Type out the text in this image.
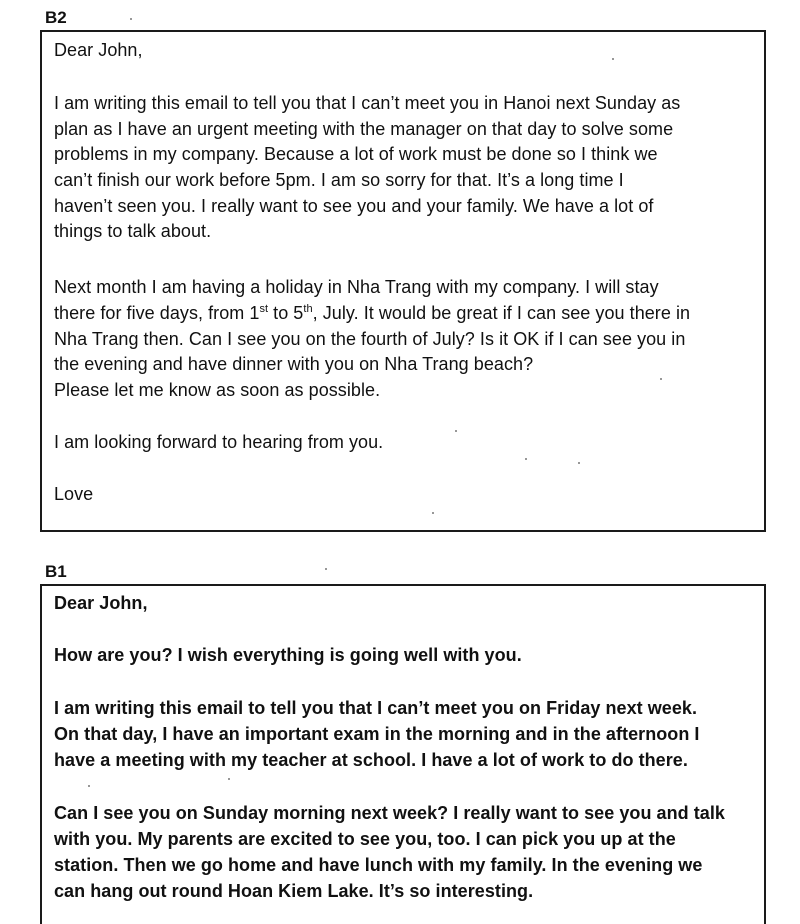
B2
Dear John,
I am writing this email to tell you that I can’t meet you in Hanoi next Sunday as
plan as I have an urgent meeting with the manager on that day to solve some
problems in my company. Because a lot of work must be done so I think we
can’t finish our work before 5pm. I am so sorry for that. It’s a long time I
haven’t seen you. I really want to see you and your family. We have a lot of
things to talk about.
Next month I am having a holiday in Nha Trang with my company. I will stay
there for five days, from 1st to 5th, July. It would be great if I can see you there in
Nha Trang then. Can I see you on the fourth of July? Is it OK if I can see you in
the evening and have dinner with you on Nha Trang beach?
Please let me know as soon as possible.
I am looking forward to hearing from you.
Love
B1
Dear John,
How are you? I wish everything is going well with you.
I am writing this email to tell you that I can’t meet you on Friday next week.
On that day, I have an important exam in the morning and in the afternoon I
have a meeting with my teacher at school. I have a lot of work to do there.
Can I see you on Sunday morning next week? I really want to see you and talk
with you. My parents are excited to see you, too. I can pick you up at the
station. Then we go home and have lunch with my family. In the evening we
can hang out round Hoan Kiem Lake. It’s so interesting.
